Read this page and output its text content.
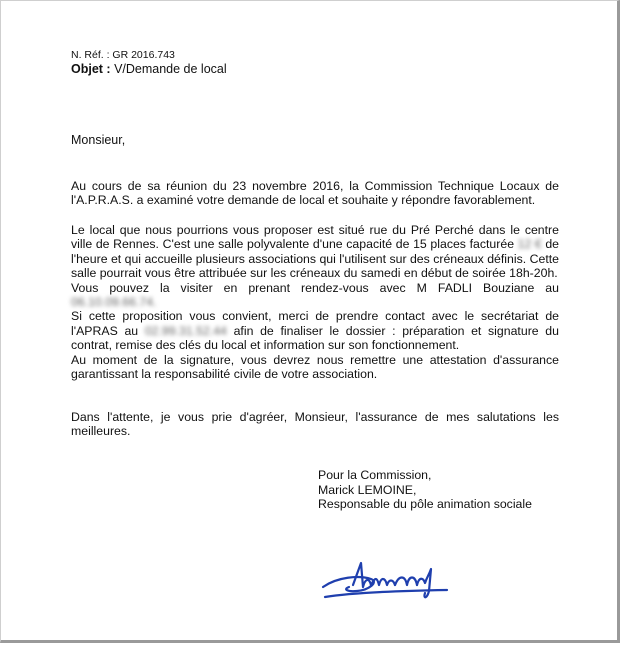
N. Réf. : GR 2016.743
Objet : V/Demande de local
Monsieur,
Au cours de sa réunion du 23 novembre 2016, la Commission Technique Locaux de l'A.P.R.A.S. a examiné votre demande de local et souhaite y répondre favorablement.
Le local que nous pourrions vous proposer est situé rue du Pré Perché dans le centre ville de Rennes. C'est une salle polyvalente d'une capacité de 15 places facturée 12 € de l'heure et qui accueille plusieurs associations qui l'utilisent sur des créneaux définis. Cette salle pourrait vous être attribuée sur les créneaux du samedi en début de soirée 18h-20h.
Vous pouvez la visiter en prenant rendez-vous avec M FADLI Bouziane au 06.10.09.66.74.
Si cette proposition vous convient, merci de prendre contact avec le secrétariat de l'APRAS au 02.99.31.52.44 afin de finaliser le dossier : préparation et signature du contrat, remise des clés du local et information sur son fonctionnement.
Au moment de la signature, vous devrez nous remettre une attestation d'assurance garantissant la responsabilité civile de votre association.
Dans l'attente, je vous prie d'agréer, Monsieur, l'assurance de mes salutations les meilleures.
Pour la Commission,
Marick LEMOINE,
Responsable du pôle animation sociale
